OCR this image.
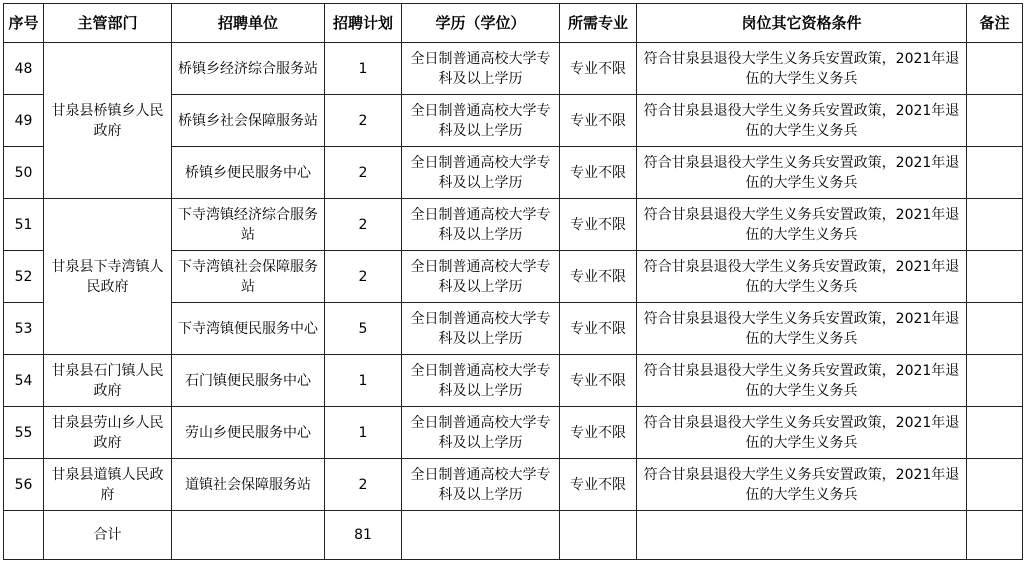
序号	主管部门	招聘单位	招聘计划	学历（学位）	所需专业	岗位其它资格条件	备注
48	甘泉县桥镇乡人民政府	桥镇乡经济综合服务站	1	全日制普通高校大学专科及以上学历	专业不限	符合甘泉县退役大学生义务兵安置政策，2021年退伍的大学生义务兵	
49		桥镇乡社会保障服务站	2	全日制普通高校大学专科及以上学历	专业不限	符合甘泉县退役大学生义务兵安置政策，2021年退伍的大学生义务兵	
50		桥镇乡便民服务中心	2	全日制普通高校大学专科及以上学历	专业不限	符合甘泉县退役大学生义务兵安置政策，2021年退伍的大学生义务兵	
51	甘泉县下寺湾镇人民政府	下寺湾镇经济综合服务站	2	全日制普通高校大学专科及以上学历	专业不限	符合甘泉县退役大学生义务兵安置政策，2021年退伍的大学生义务兵	
52		下寺湾镇社会保障服务站	2	全日制普通高校大学专科及以上学历	专业不限	符合甘泉县退役大学生义务兵安置政策，2021年退伍的大学生义务兵	
53		下寺湾镇便民服务中心	5	全日制普通高校大学专科及以上学历	专业不限	符合甘泉县退役大学生义务兵安置政策，2021年退伍的大学生义务兵	
54	甘泉县石门镇人民政府	石门镇便民服务中心	1	全日制普通高校大学专科及以上学历	专业不限	符合甘泉县退役大学生义务兵安置政策，2021年退伍的大学生义务兵	
55	甘泉县劳山乡人民政府	劳山乡便民服务中心	1	全日制普通高校大学专科及以上学历	专业不限	符合甘泉县退役大学生义务兵安置政策，2021年退伍的大学生义务兵	
56	甘泉县道镇人民政府	道镇社会保障服务站	2	全日制普通高校大学专科及以上学历	专业不限	符合甘泉县退役大学生义务兵安置政策，2021年退伍的大学生义务兵	
	合计		81				
